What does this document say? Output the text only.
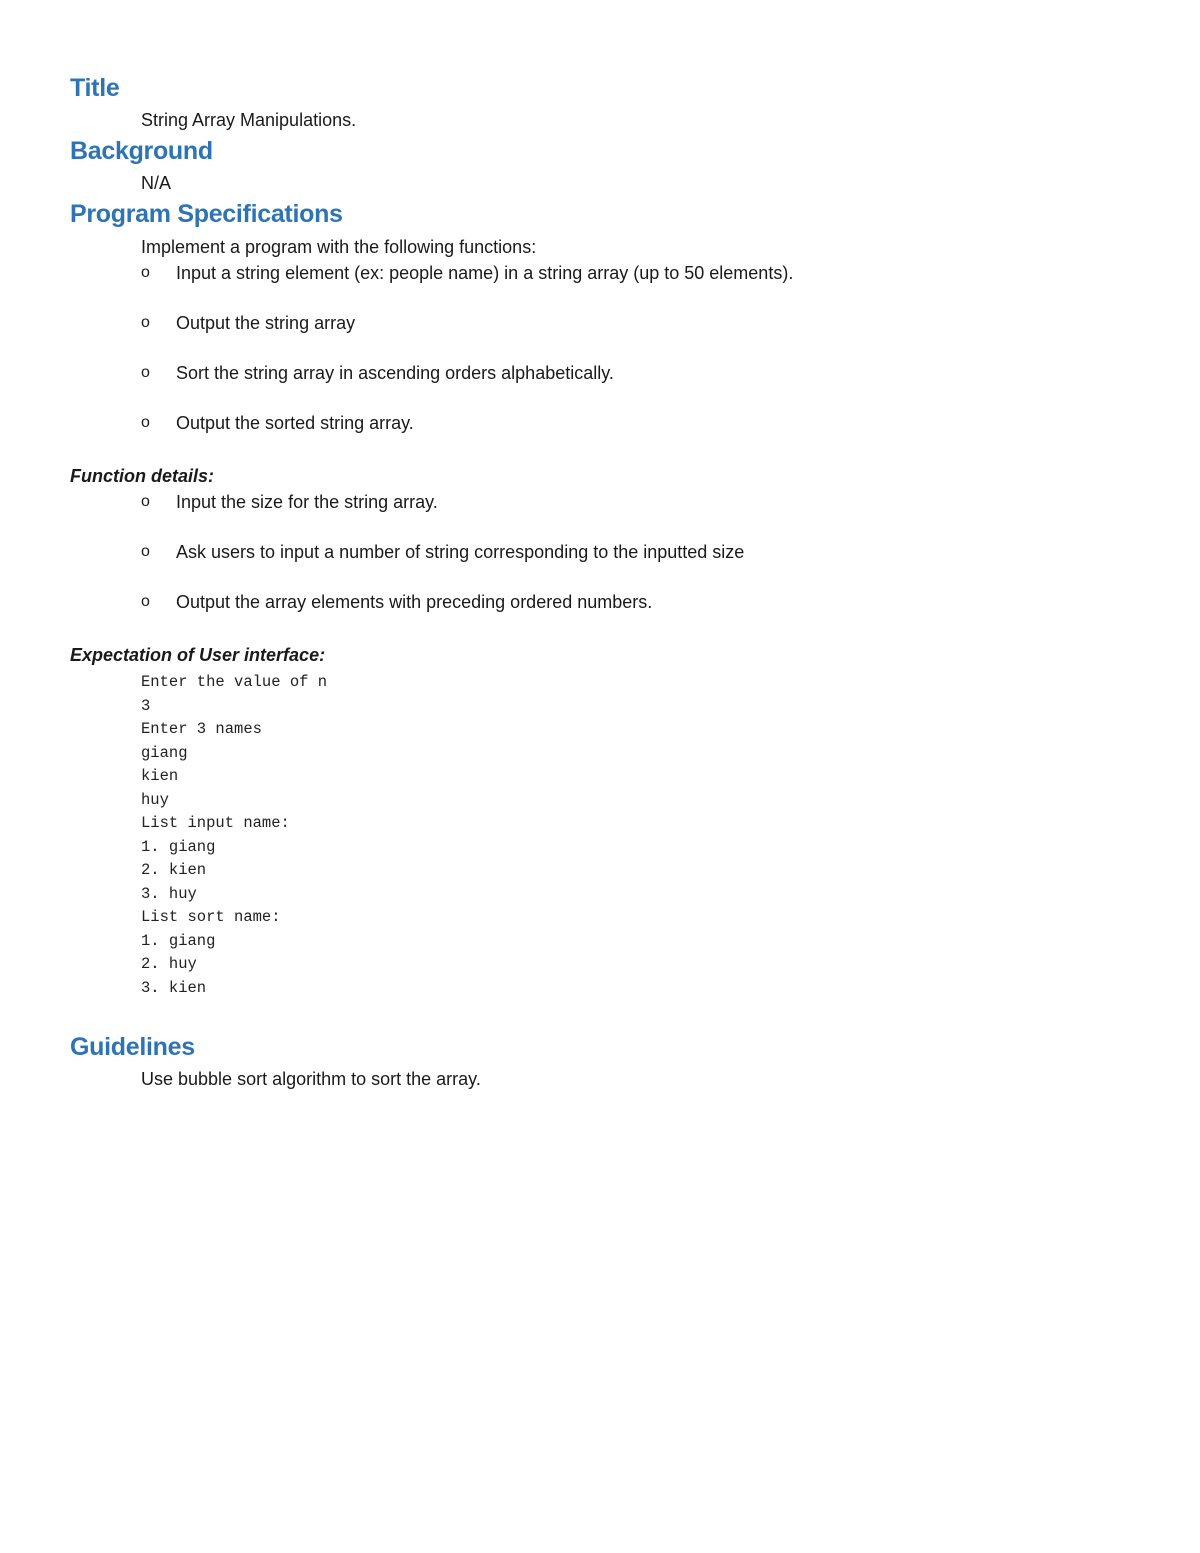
Title

String Array Manipulations.

Background

N/A

Program Specifications

Implement a program with the following functions:

o	Input a string element (ex: people name) in a string array (up to 50 elements).
o	Output the string array
o	Sort the string array in ascending orders alphabetically.
o	Output the sorted string array.
Function details:
o	Input the size for the string array.
o	Ask users to input a number of string corresponding to the inputted size
o	Output the array elements with preceding ordered numbers.
Expectation of User interface:
Enter the value of n
3
Enter 3 names
giang
kien
huy
List input name:
1. giang
2. kien
3. huy
List sort name:
1. giang
2. huy
3. kien
Guidelines

Use bubble sort algorithm to sort the array.
